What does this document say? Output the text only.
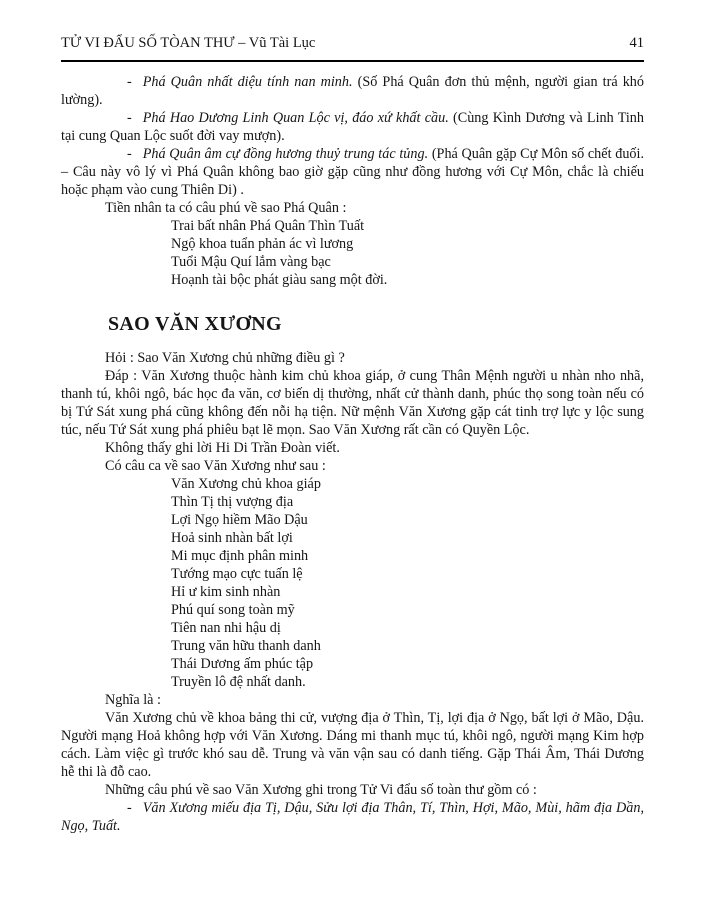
TỬ VI ĐẨU SỐ TÒAN THƯ – Vũ Tài Lục	41

- Phá Quân nhất diệu tính nan minh. (Số Phá Quân đơn thủ mệnh, người gian trá khó lường).

- Phá Hao Dương Linh Quan Lộc vị, đáo xứ khất cầu. (Cùng Kình Dương và Linh Tinh tại cung Quan Lộc suốt đời vay mượn).

- Phá Quân âm cự đồng hương thuỷ trung tác tủng. (Phá Quân gặp Cự Môn số chết đuối. – Câu này vô lý vì Phá Quân không bao giờ gặp cũng như đồng hương với Cự Môn, chắc là chiếu hoặc phạm vào cung Thiên Di) .

Tiền nhân ta có câu phú về sao Phá Quân :

Trai bất nhân Phá Quân Thìn Tuất

Ngộ khoa tuẩn phản ác vì lương

Tuổi Mậu Quí lắm vàng bạc

Hoạnh tài bộc phát giàu sang một đời.

SAO VĂN XƯƠNG

Hỏi : Sao Văn Xương chủ những điều gì ?

Đáp : Văn Xương thuộc hành kim chủ khoa giáp, ở cung Thân Mệnh người u nhàn nho nhã, thanh tú, khôi ngô, bác học đa văn, cơ biến dị thường, nhất cử thành danh, phúc thọ song toàn nếu có bị Tứ Sát xung phá cũng không đến nỗi hạ tiện. Nữ mệnh Văn Xương gặp cát tinh trợ lực y lộc sung túc, nếu Tứ Sát xung phá phiêu bạt lẽ mọn. Sao Văn Xương rất cần có Quyền Lộc.

Không thấy ghi lời Hi Di Trần Đoàn viết.

Có câu ca về sao Văn Xương như sau :

Văn Xương chủ khoa giáp

Thìn Tị thị vượng địa

Lợi Ngọ hiềm Mão Dậu

Hoả sinh nhàn bất lợi

Mi mục định phân minh

Tướng mạo cực tuấn lệ

Hỉ ư kim sinh nhàn

Phú quí song toàn mỹ

Tiên nan nhi hậu dị

Trung văn hữu thanh danh

Thái Dương ấm phúc tập

Truyền lô đệ nhất danh.

Nghĩa là :

Văn Xương chủ về khoa bảng thi cử, vượng địa ở Thìn, Tị, lợi địa ở Ngọ, bất lợi ở Mão, Dậu. Người mạng Hoả không hợp với Văn Xương. Dáng mi thanh mục tú, khôi ngô, người mạng Kim hợp cách. Làm việc gì trước khó sau dễ. Trung và văn vận sau có danh tiếng. Gặp Thái Âm, Thái Dương hễ thi là đỗ cao.

Những câu phú về sao Văn Xương ghi trong Tử Vi đẩu số toàn thư gồm có :

- Văn Xương miếu địa Tị, Dậu, Sửu lợi địa Thân, Tí, Thìn, Hợi, Mão, Mùi, hãm địa Dần, Ngọ, Tuất.
